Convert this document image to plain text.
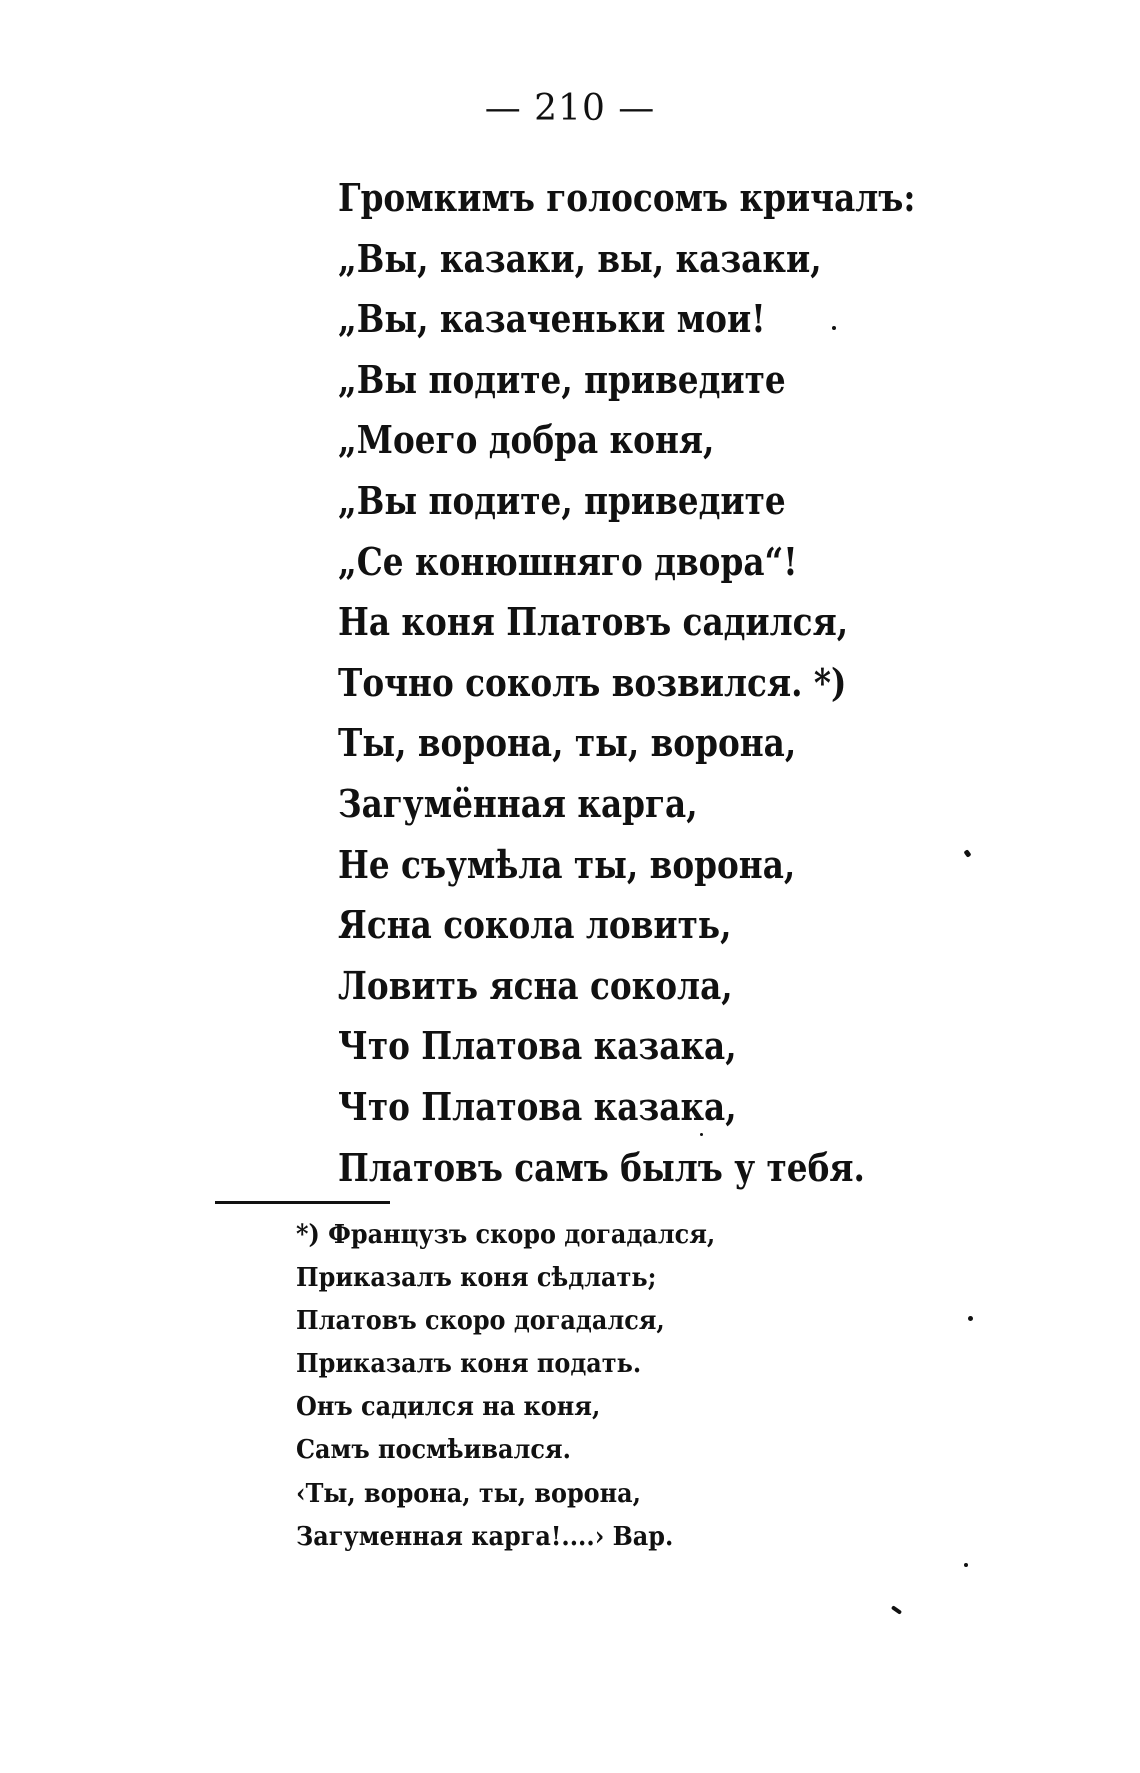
— 210 —
Громкимъ голосомъ кричалъ:
„Вы, казаки, вы, казаки,
„Вы, казаченьки мои!
„Вы подите, приведите
„Моего добра коня,
„Вы подите, приведите
„Се конюшняго двора“!
На коня Платовъ садился,
Точно соколъ возвился. *)
Ты, ворона, ты, ворона,
Загумённая карга,
Не съумѣла ты, ворона,
Ясна сокола ловить,
Ловить ясна сокола,
Что Платова казака,
Что Платова казака,
Платовъ самъ былъ у тебя.
*) Французъ скоро догадался,
Приказалъ коня сѣдлать;
Платовъ скоро догадался,
Приказалъ коня подать.
Онъ садился на коня,
Самъ посмѣивался.
‹Ты, ворона, ты, ворона,
Загуменная карга!....› Вар.
